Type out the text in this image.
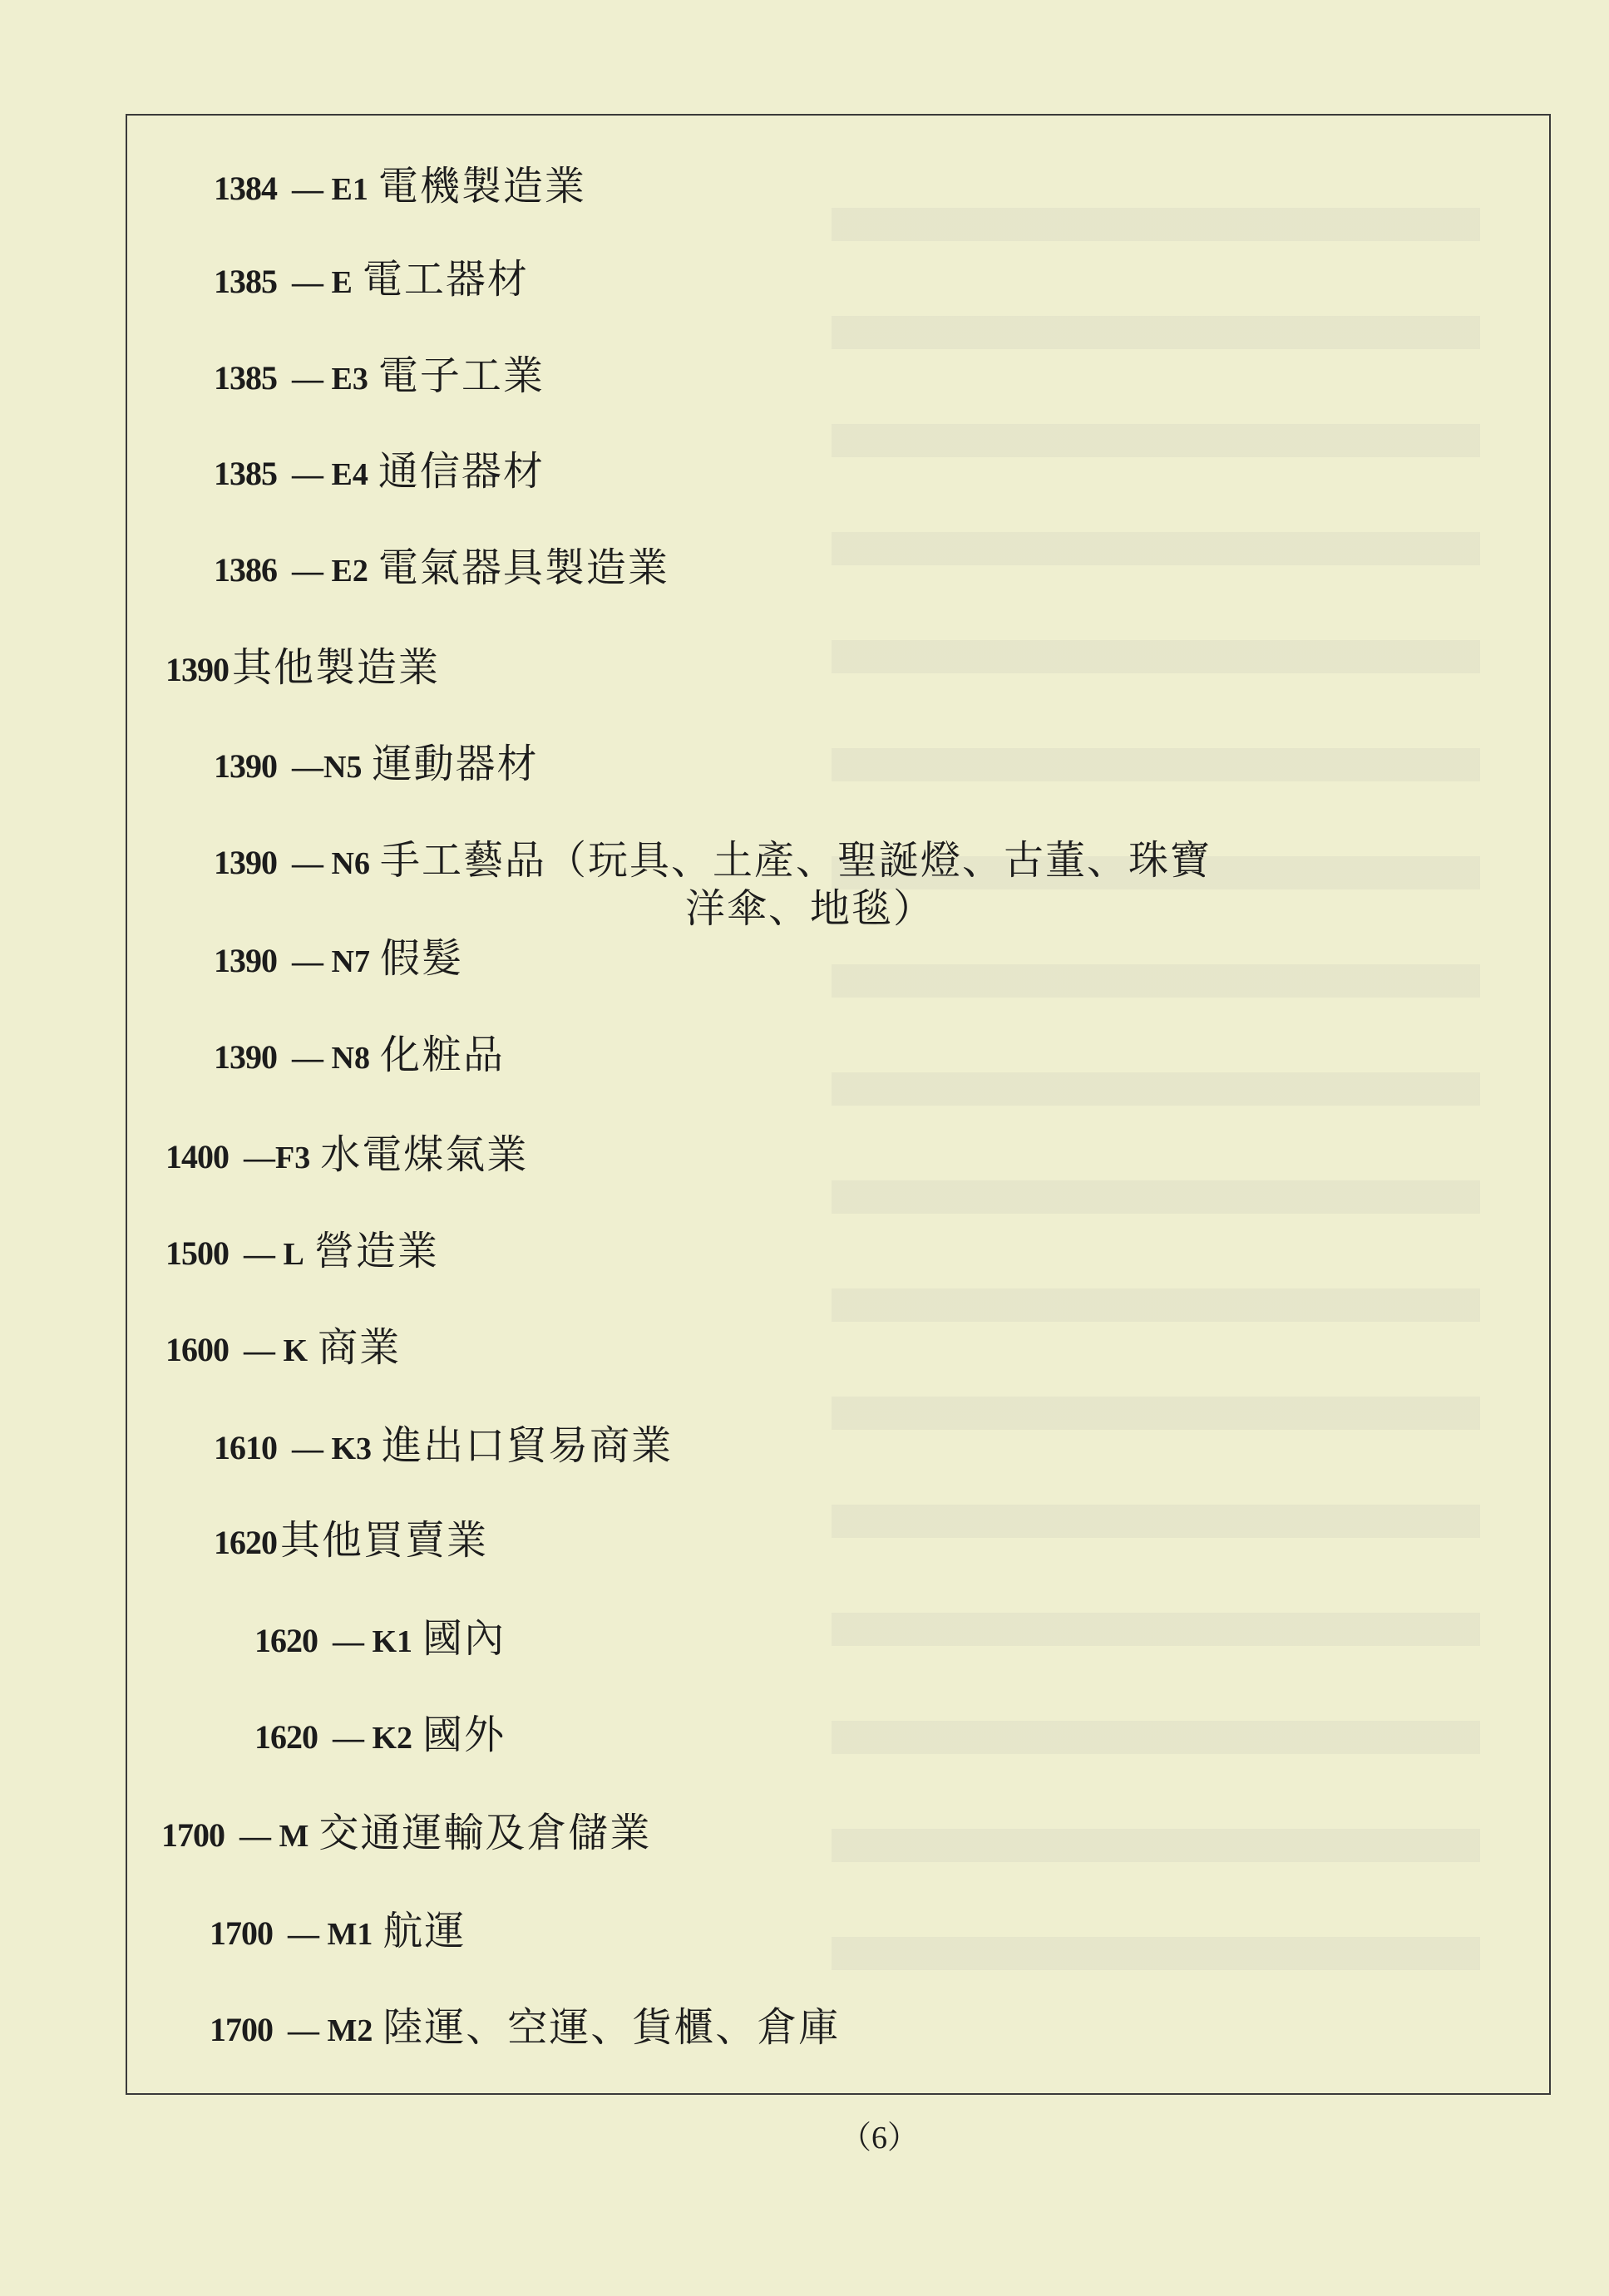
1384 — E1 電機製造業
1385 — E 電工器材
1385 — E3 電子工業
1385 — E4 通信器材
1386 — E2 電氣器具製造業
1390其他製造業
1390 —N5 運動器材
1390 — N6 手工藝品（玩具、土產、聖誕燈、古董、珠寶
1390 — N7 假髮
1390 — N8 化粧品
1400 —F3 水電煤氣業
1500 — L 營造業
1600 — K 商業
1610 — K3 進出口貿易商業
1620其他買賣業
1620 — K1 國內
1620 — K2 國外
1700 — M 交通運輸及倉儲業
1700 — M1 航運
1700 — M2 陸運、空運、貨櫃、倉庫
洋傘、地毯）
（6）
